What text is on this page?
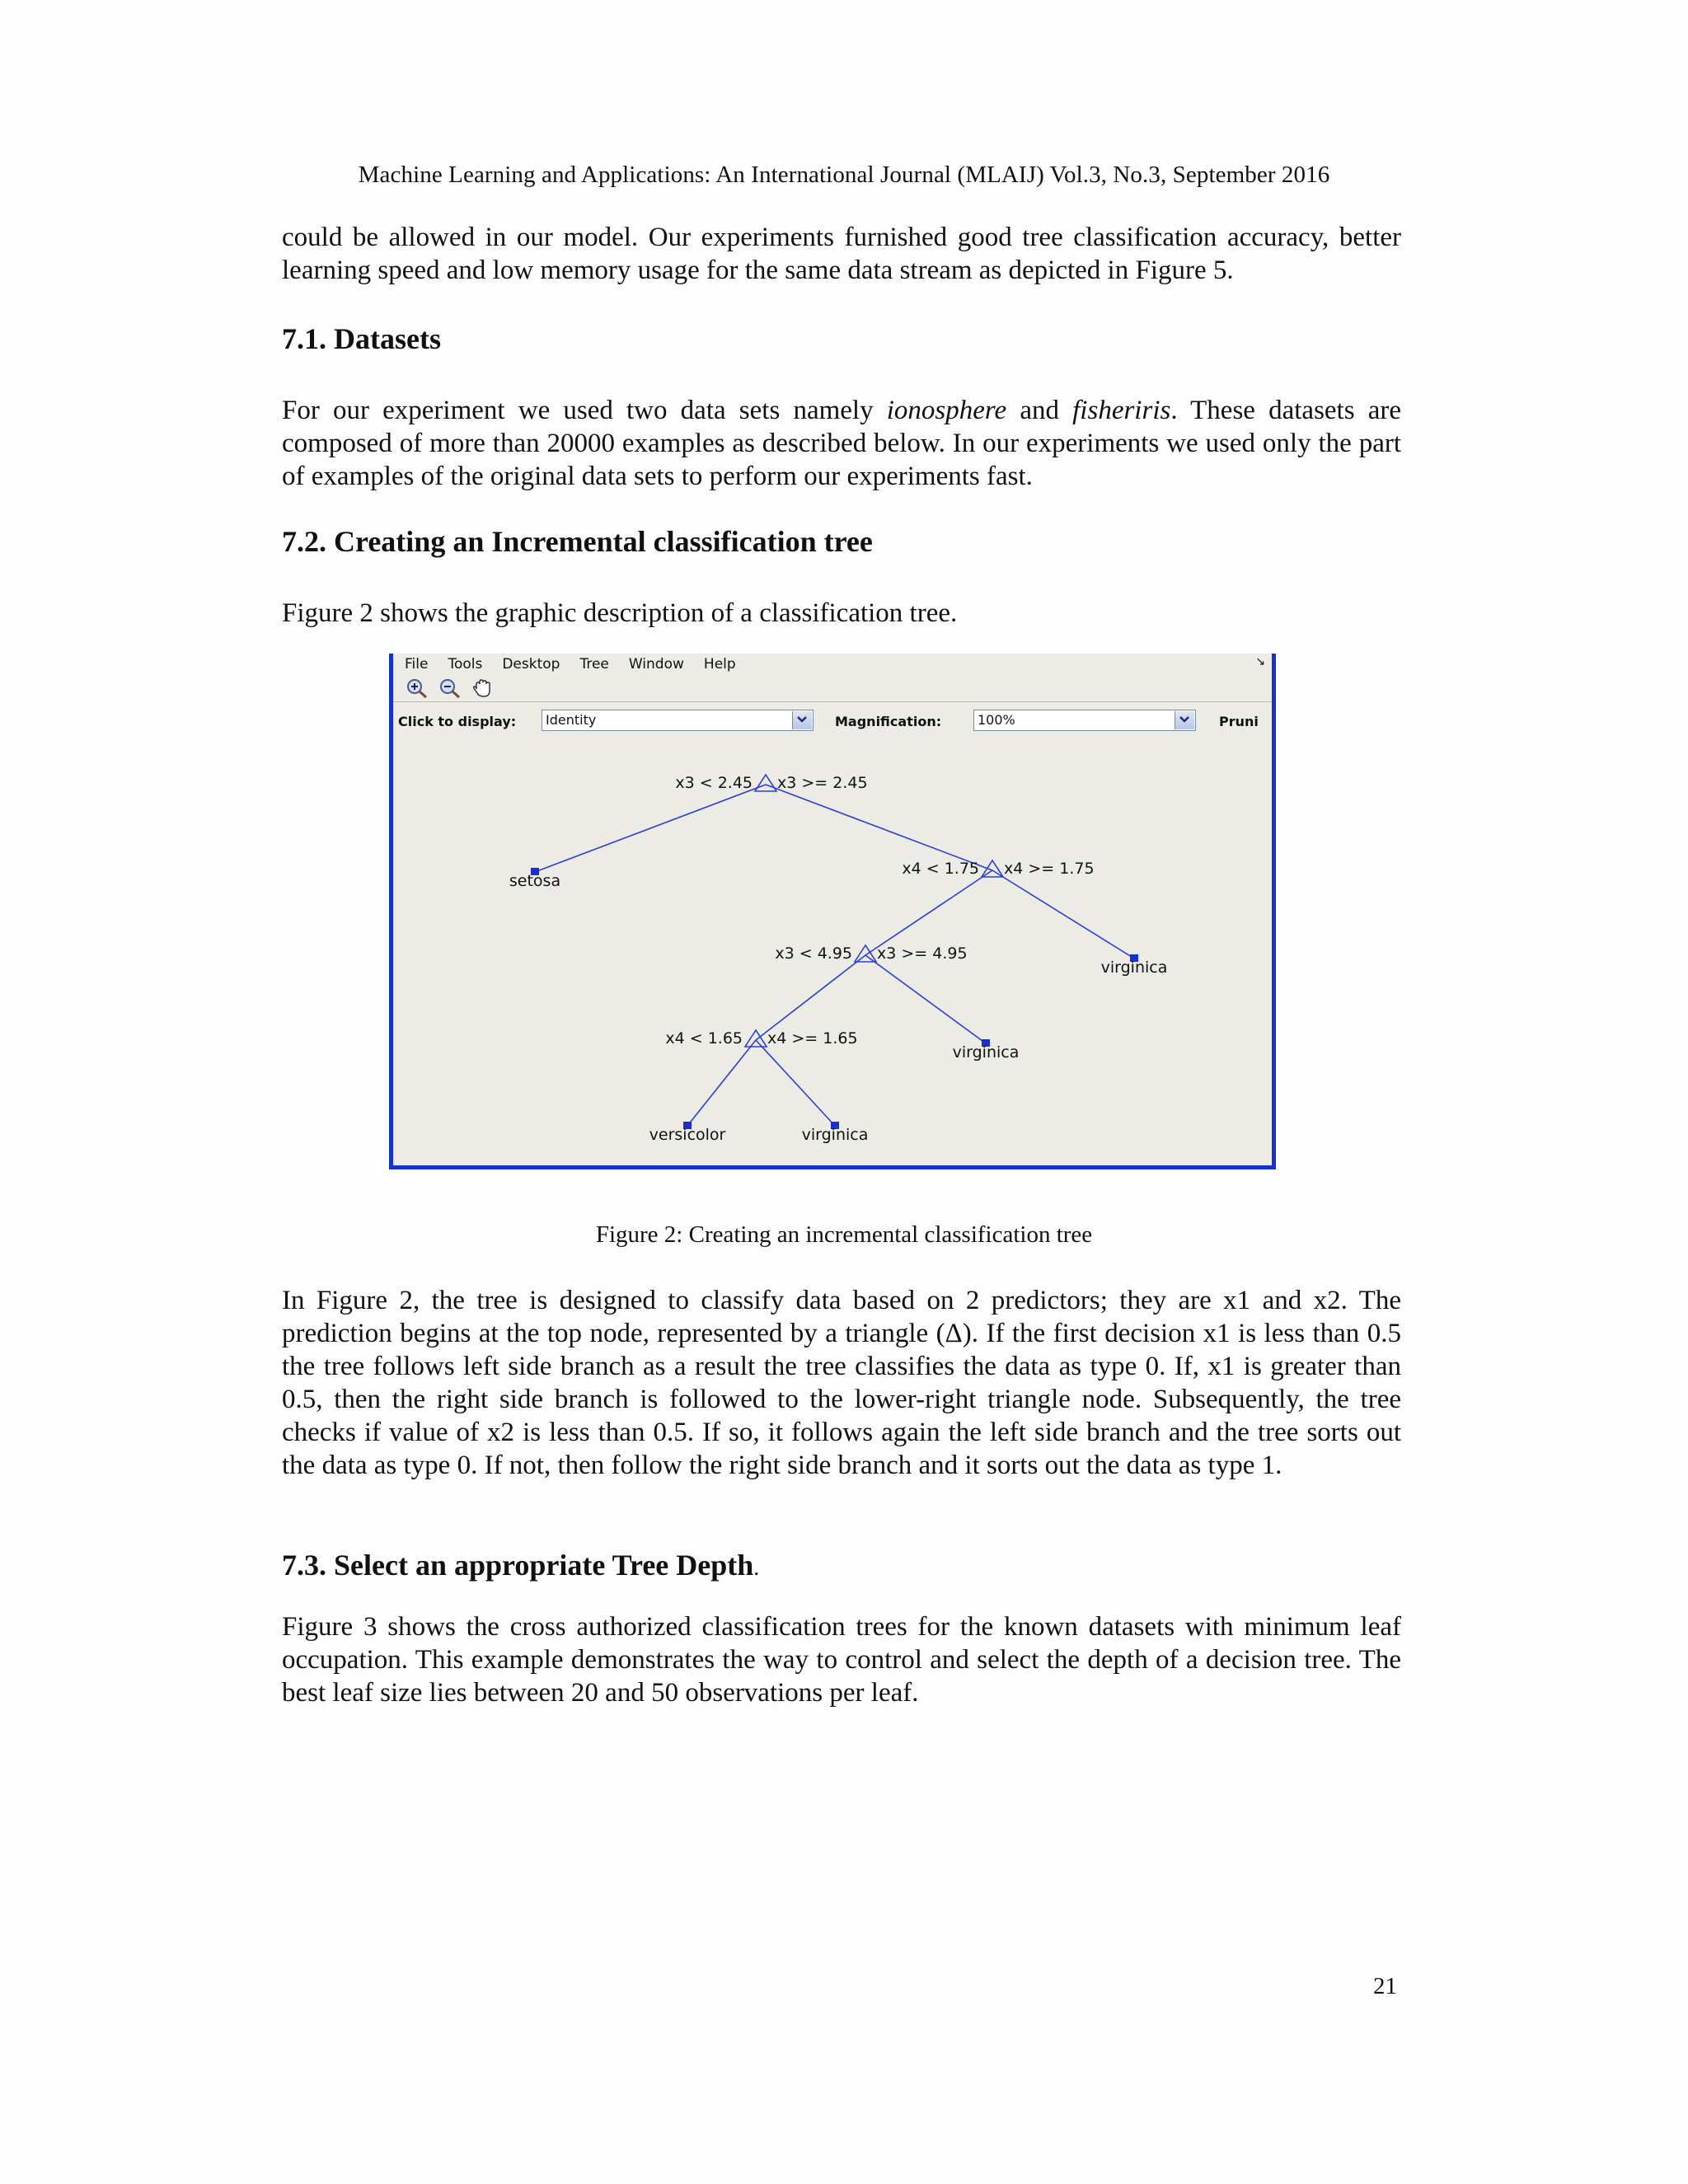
Machine Learning and Applications: An International Journal (MLAIJ) Vol.3, No.3, September 2016

could be allowed in our model. Our experiments furnished good tree classification accuracy, better learning speed and low memory usage for the same data stream as depicted in Figure 5.

7.1. Datasets

For our experiment we used two data sets namely ionosphere and fisheriris. These datasets are composed of more than 20000 examples as described below. In our experiments we used only the part of examples of the original data sets to perform our experiments fast.

7.2. Creating an Incremental classification tree

Figure 2 shows the graphic description of a classification tree.

File Tools Desktop Tree Window Help	↘
Click to display:	Identity	Magnification:	100%	Pruni
x3 < 2.45 x3 >= 2.45
setosa
x4 < 1.75 x4 >= 1.75
x3 < 4.95 x3 >= 4.95
virginica
x4 < 1.65 x4 >= 1.65
virginica
versicolor	virginica
Figure 2: Creating an incremental classification tree

In Figure 2, the tree is designed to classify data based on 2 predictors; they are x1 and x2. The prediction begins at the top node, represented by a triangle (Δ). If the first decision x1 is less than 0.5 the tree follows left side branch as a result the tree classifies the data as type 0. If, x1 is greater than 0.5, then the right side branch is followed to the lower-right triangle node. Subsequently, the tree checks if value of x2 is less than 0.5. If so, it follows again the left side branch and the tree sorts out the data as type 0. If not, then follow the right side branch and it sorts out the data as type 1.

7.3. Select an appropriate Tree Depth.

Figure 3 shows the cross authorized classification trees for the known datasets with minimum leaf occupation. This example demonstrates the way to control and select the depth of a decision tree. The best leaf size lies between 20 and 50 observations per leaf.

21
